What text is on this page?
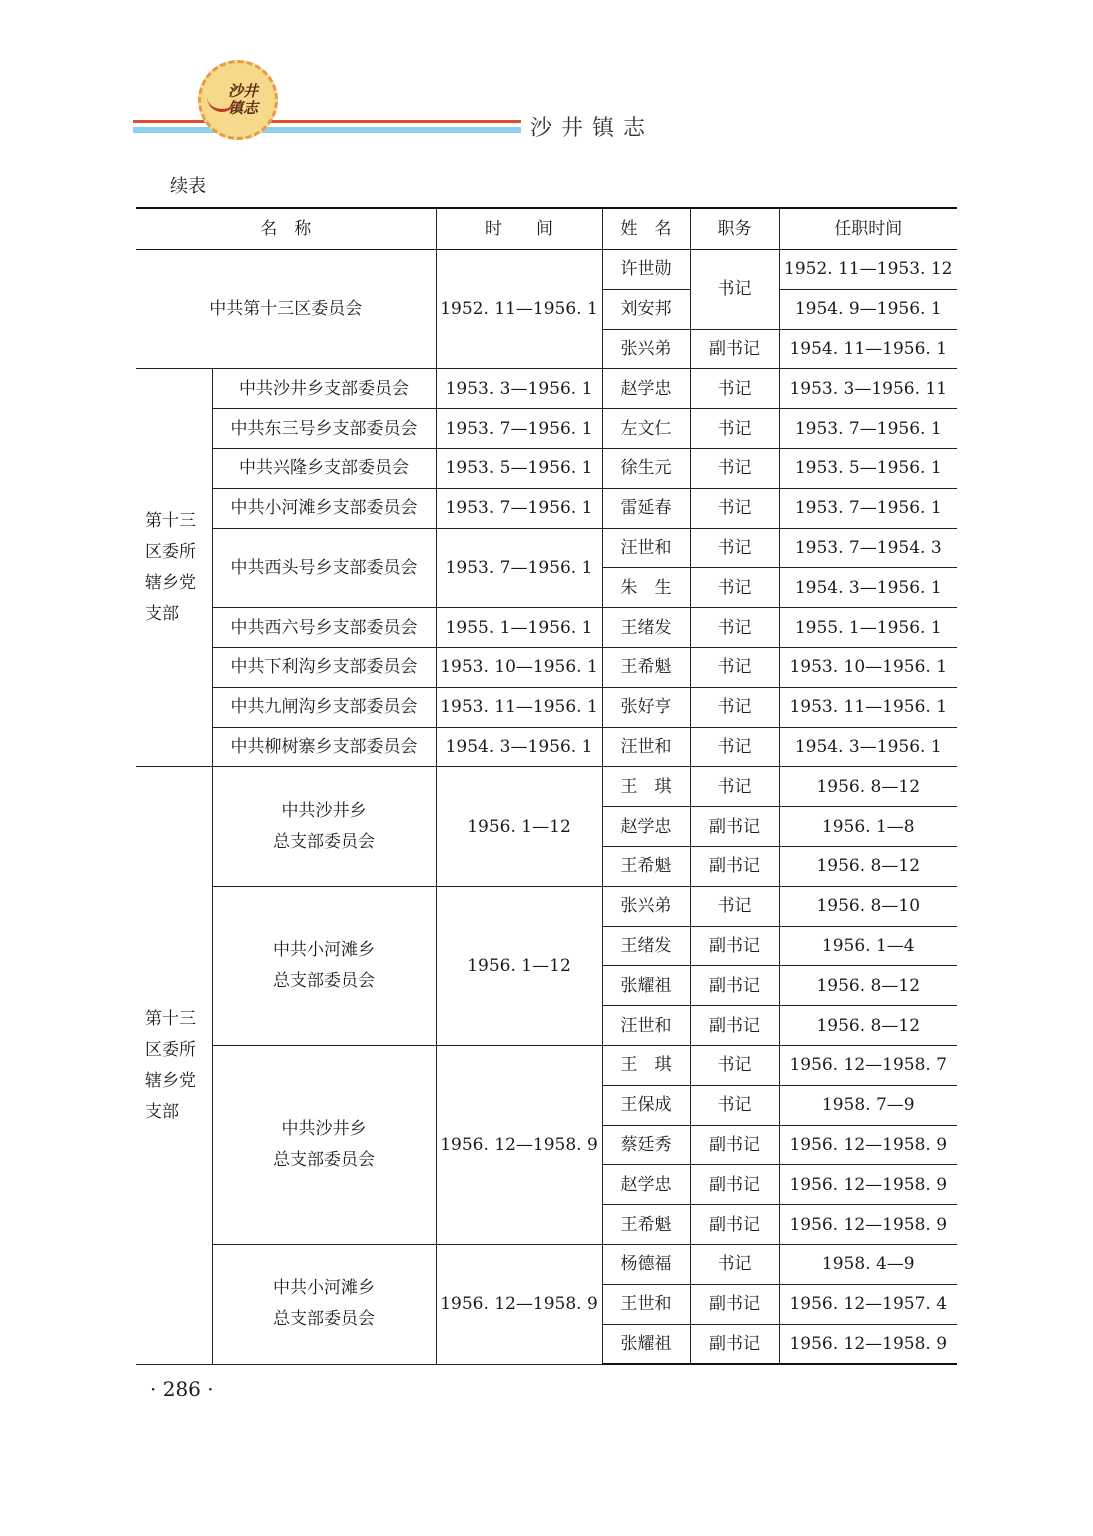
沙井镇志
沙井镇志
续表
名　称		时　　间	姓　名	职务	任职时间
中共第十三区委员会		1952. 11—1956. 1	许世勋	书记	1952. 11—1953. 12
			刘安邦		1954. 9—1956. 1
			张兴弟	副书记	1954. 11—1956. 1
第十三区委所辖乡党支部	中共沙井乡支部委员会	1953. 3—1956. 1	赵学忠	书记	1953. 3—1956. 11
	中共东三号乡支部委员会	1953. 7—1956. 1	左文仁	书记	1953. 7—1956. 1
	中共兴隆乡支部委员会	1953. 5—1956. 1	徐生元	书记	1953. 5—1956. 1
	中共小河滩乡支部委员会	1953. 7—1956. 1	雷延春	书记	1953. 7—1956. 1
	中共西头号乡支部委员会	1953. 7—1956. 1	汪世和	书记	1953. 7—1954. 3
			朱　生	书记	1954. 3—1956. 1
	中共西六号乡支部委员会	1955. 1—1956. 1	王绪发	书记	1955. 1—1956. 1
	中共下利沟乡支部委员会	1953. 10—1956. 1	王希魁	书记	1953. 10—1956. 1
	中共九闸沟乡支部委员会	1953. 11—1956. 1	张好亨	书记	1953. 11—1956. 1
	中共柳树寨乡支部委员会	1954. 3—1956. 1	汪世和	书记	1954. 3—1956. 1
第十三区委所辖乡党支部	中共沙井乡
总支部委员会	1956. 1—12	王　琪	书记	1956. 8—12
			赵学忠	副书记	1956. 1—8
			王希魁	副书记	1956. 8—12
	中共小河滩乡
总支部委员会	1956. 1—12	张兴弟	书记	1956. 8—10
			王绪发	副书记	1956. 1—4
			张耀祖	副书记	1956. 8—12
			汪世和	副书记	1956. 8—12
	中共沙井乡
总支部委员会	1956. 12—1958. 9	王　琪	书记	1956. 12—1958. 7
			王保成	书记	1958. 7—9
			蔡廷秀	副书记	1956. 12—1958. 9
			赵学忠	副书记	1956. 12—1958. 9
			王希魁	副书记	1956. 12—1958. 9
	中共小河滩乡
总支部委员会	1956. 12—1958. 9	杨德福	书记	1958. 4—9
			王世和	副书记	1956. 12—1957. 4
			张耀祖	副书记	1956. 12—1958. 9
· 286 ·
